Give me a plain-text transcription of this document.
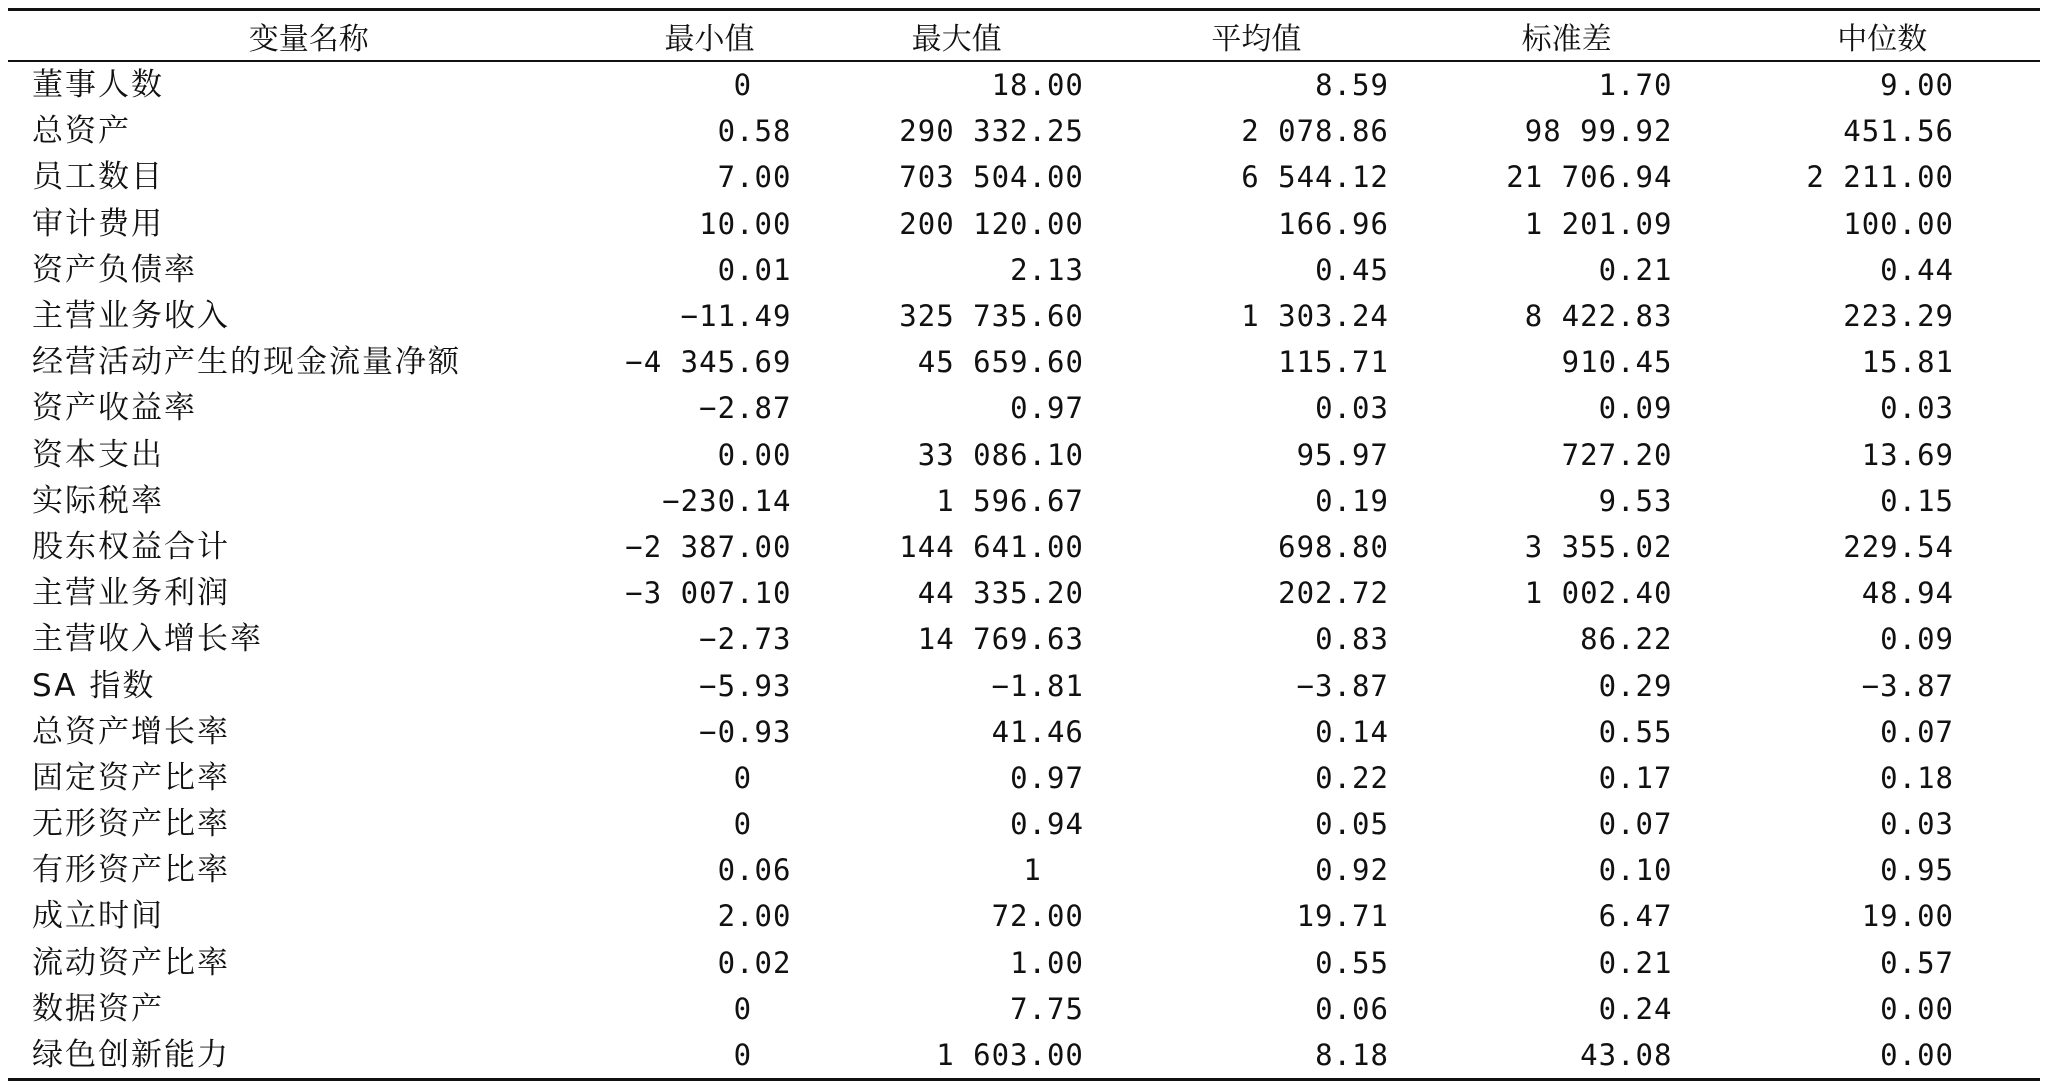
变量名称	最小值	最大值	平均值	标准差	中位数
董事人数	0	18.00	8.59	1.70	9.00
总资产	0.58	290 332.25	2 078.86	98 99.92	451.56
员工数目	7.00	703 504.00	6 544.12	21 706.94	2 211.00
审计费用	10.00	200 120.00	166.96	1 201.09	100.00
资产负债率	0.01	2.13	0.45	0.21	0.44
主营业务收入	−11.49	325 735.60	1 303.24	8 422.83	223.29
经营活动产生的现金流量净额	−4 345.69	45 659.60	115.71	910.45	15.81
资产收益率	−2.87	0.97	0.03	0.09	0.03
资本支出	0.00	33 086.10	95.97	727.20	13.69
实际税率	−230.14	1 596.67	0.19	9.53	0.15
股东权益合计	−2 387.00	144 641.00	698.80	3 355.02	229.54
主营业务利润	−3 007.10	44 335.20	202.72	1 002.40	48.94
主营收入增长率	−2.73	14 769.63	0.83	86.22	0.09
SA 指数	−5.93	−1.81	−3.87	0.29	−3.87
总资产增长率	−0.93	41.46	0.14	0.55	0.07
固定资产比率	0	0.97	0.22	0.17	0.18
无形资产比率	0	0.94	0.05	0.07	0.03
有形资产比率	0.06	1	0.92	0.10	0.95
成立时间	2.00	72.00	19.71	6.47	19.00
流动资产比率	0.02	1.00	0.55	0.21	0.57
数据资产	0	7.75	0.06	0.24	0.00
绿色创新能力	0	1 603.00	8.18	43.08	0.00
